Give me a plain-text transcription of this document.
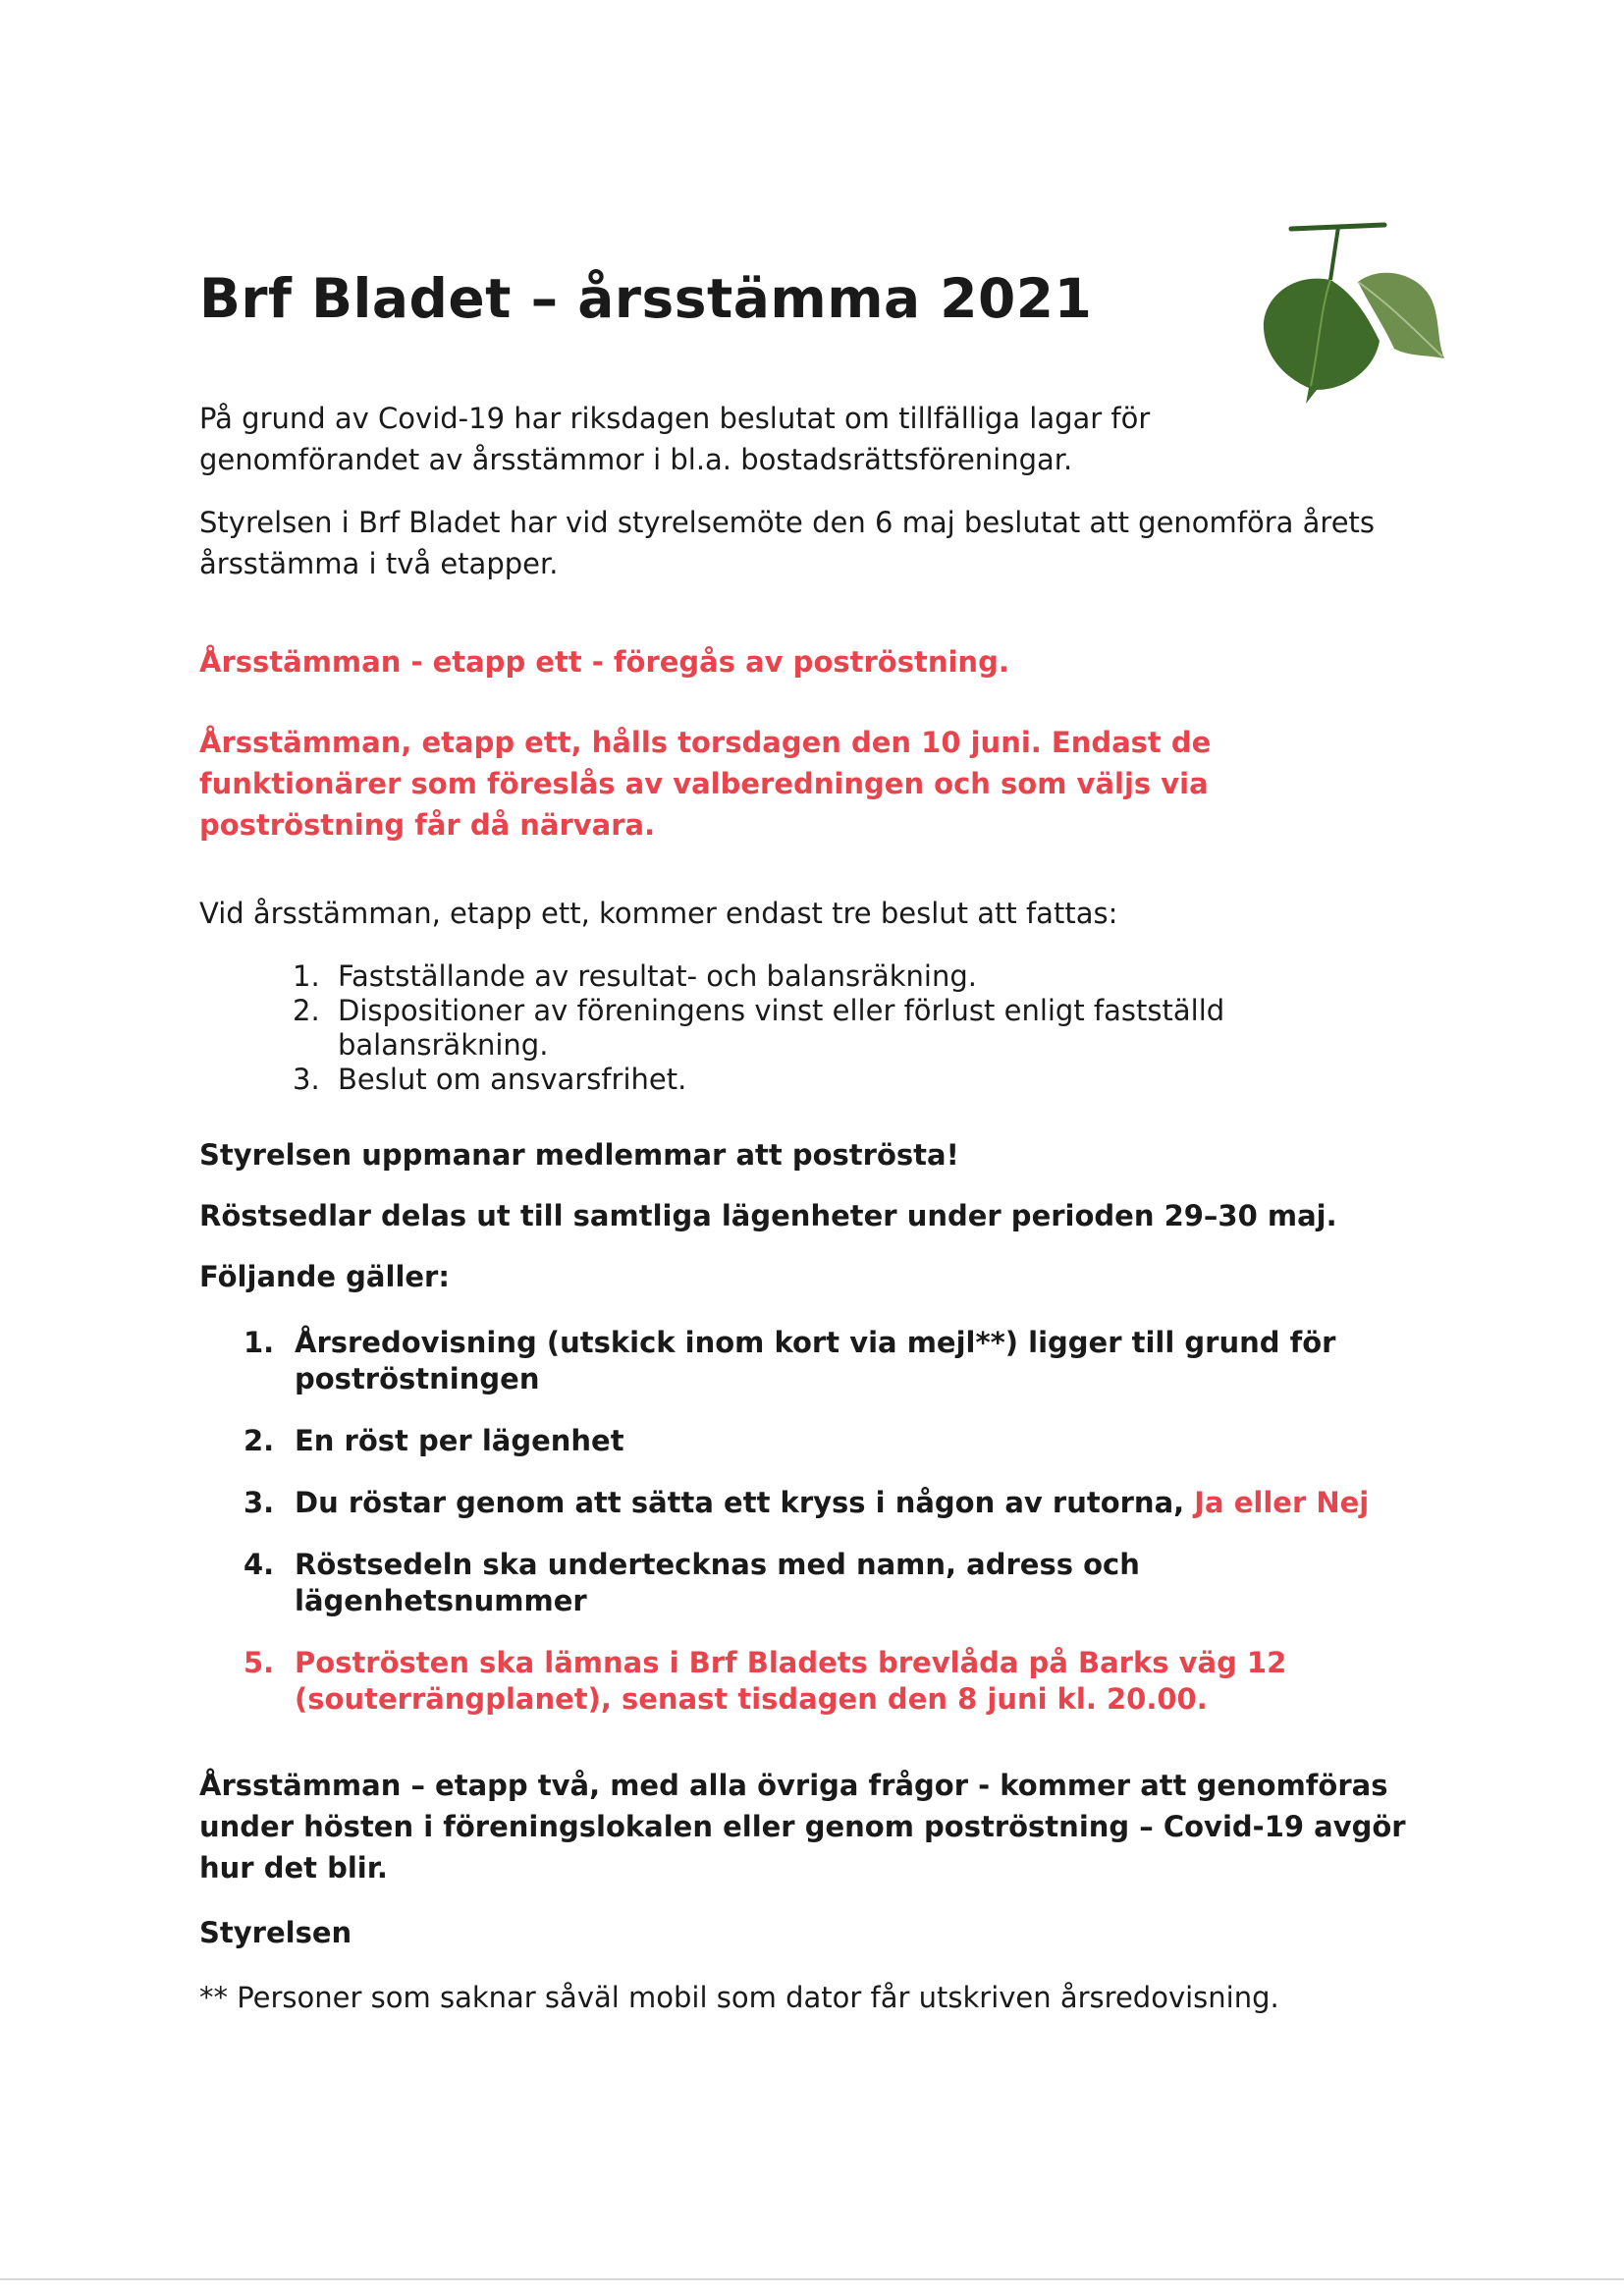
Brf Bladet – årsstämma 2021

På grund av Covid-19 har riksdagen beslutat om tillfälliga lagar för
genomförandet av årsstämmor i bl.a. bostadsrättsföreningar.

Styrelsen i Brf Bladet har vid styrelsemöte den 6 maj beslutat att genomföra årets
årsstämma i två etapper.

Årsstämman - etapp ett - föregås av poströstning.

Årsstämman, etapp ett, hålls torsdagen den 10 juni. Endast de
funktionärer som föreslås av valberedningen och som väljs via
poströstning får då närvara.

Vid årsstämman, etapp ett, kommer endast tre beslut att fattas:

1. Fastställande av resultat- och balansräkning.
2. Dispositioner av föreningens vinst eller förlust enligt fastställd
balansräkning.
3. Beslut om ansvarsfrihet.

Styrelsen uppmanar medlemmar att poströsta!

Röstsedlar delas ut till samtliga lägenheter under perioden 29–30 maj.

Följande gäller:

1. Årsredovisning (utskick inom kort via mejl**) ligger till grund för
poströstningen
2. En röst per lägenhet
3. Du röstar genom att sätta ett kryss i någon av rutorna, Ja eller Nej
4. Röstsedeln ska undertecknas med namn, adress och
lägenhetsnummer
5. Poströsten ska lämnas i Brf Bladets brevlåda på Barks väg 12
(souterrängplanet), senast tisdagen den 8 juni kl. 20.00.

Årsstämman – etapp två, med alla övriga frågor - kommer att genomföras
under hösten i föreningslokalen eller genom poströstning – Covid-19 avgör
hur det blir.

Styrelsen

** Personer som saknar såväl mobil som dator får utskriven årsredovisning.
